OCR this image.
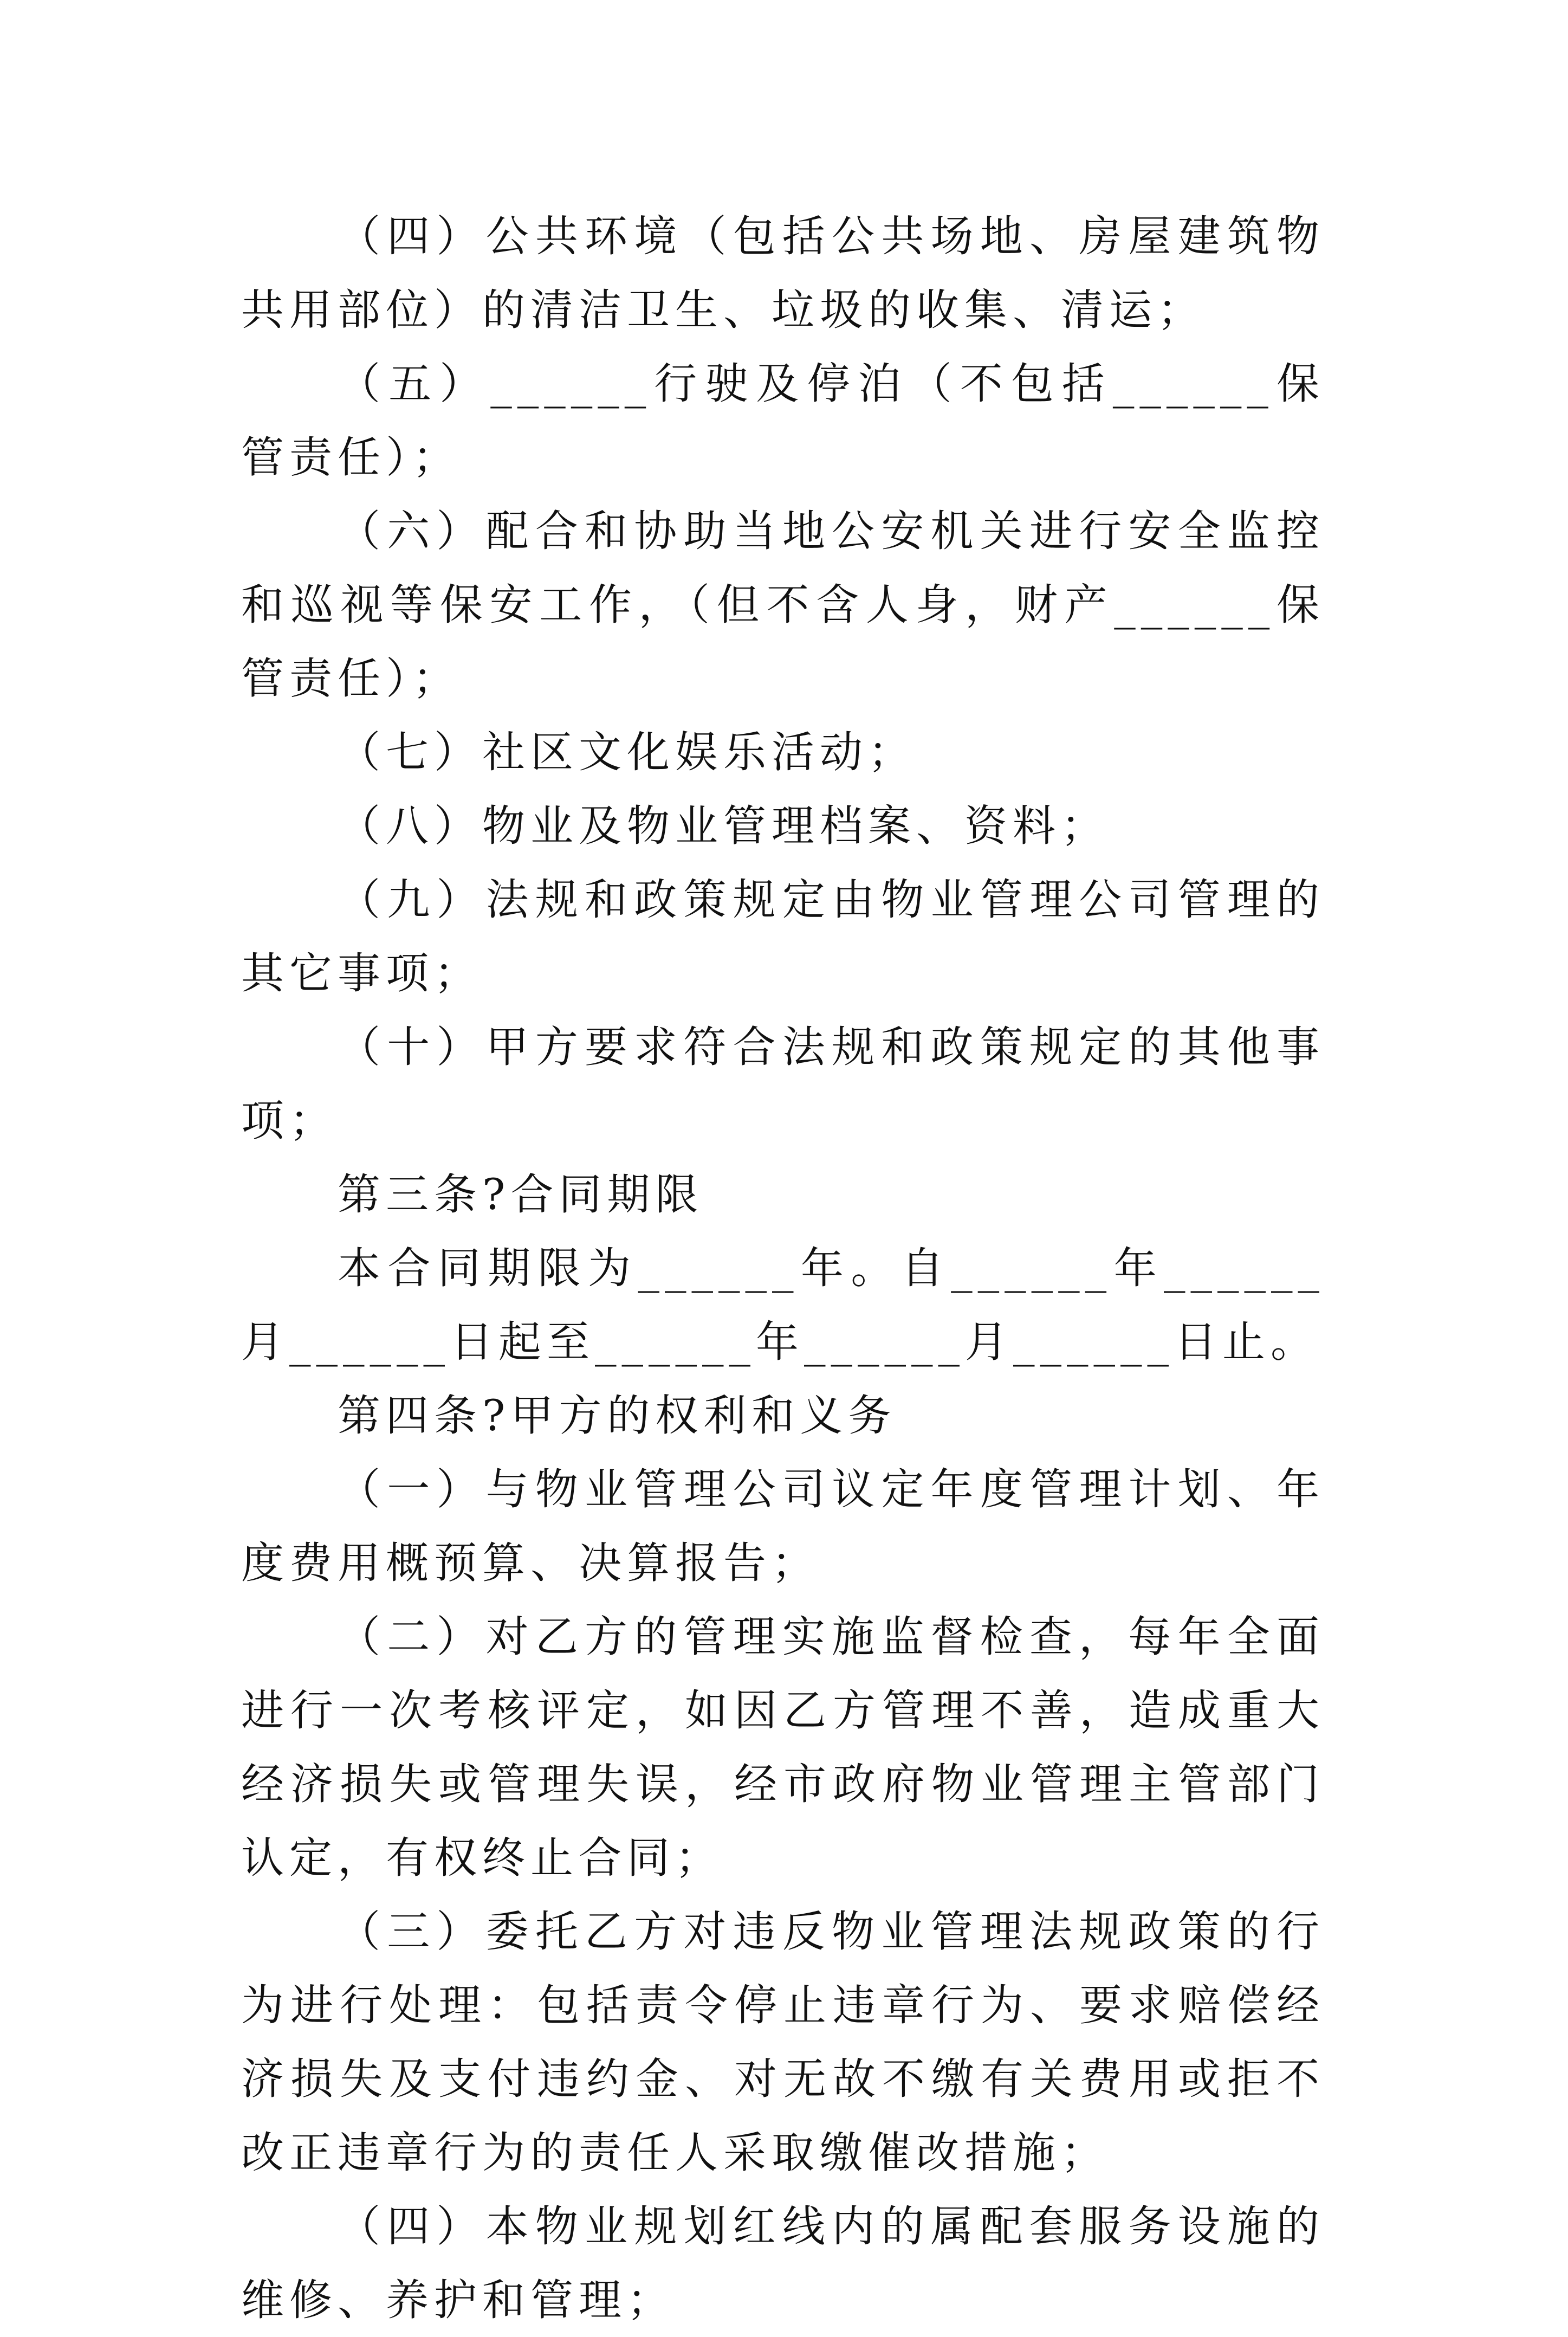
（四）公共环境（包括公共场地、房屋建筑物共用部位）的清洁卫生、垃圾的收集、清运；

（五）______行驶及停泊（不包括______保管责任）；

（六）配合和协助当地公安机关进行安全监控和巡视等保安工作，（但不含人身，财产______保管责任）；

（七）社区文化娱乐活动；

（八）物业及物业管理档案、资料；

（九）法规和政策规定由物业管理公司管理的其它事项；

（十）甲方要求符合法规和政策规定的其他事项；

第三条?合同期限

本合同期限为______年。自______年______月______日起至______年______月______日止。

第四条?甲方的权利和义务

（一）与物业管理公司议定年度管理计划、年度费用概预算、决算报告；

（二）对乙方的管理实施监督检查，每年全面进行一次考核评定，如因乙方管理不善，造成重大经济损失或管理失误，经市政府物业管理主管部门认定，有权终止合同；

（三）委托乙方对违反物业管理法规政策的行为进行处理：包括责令停止违章行为、要求赔偿经济损失及支付违约金、对无故不缴有关费用或拒不改正违章行为的责任人采取缴催改措施；

（四）本物业规划红线内的属配套服务设施的维修、养护和管理；
